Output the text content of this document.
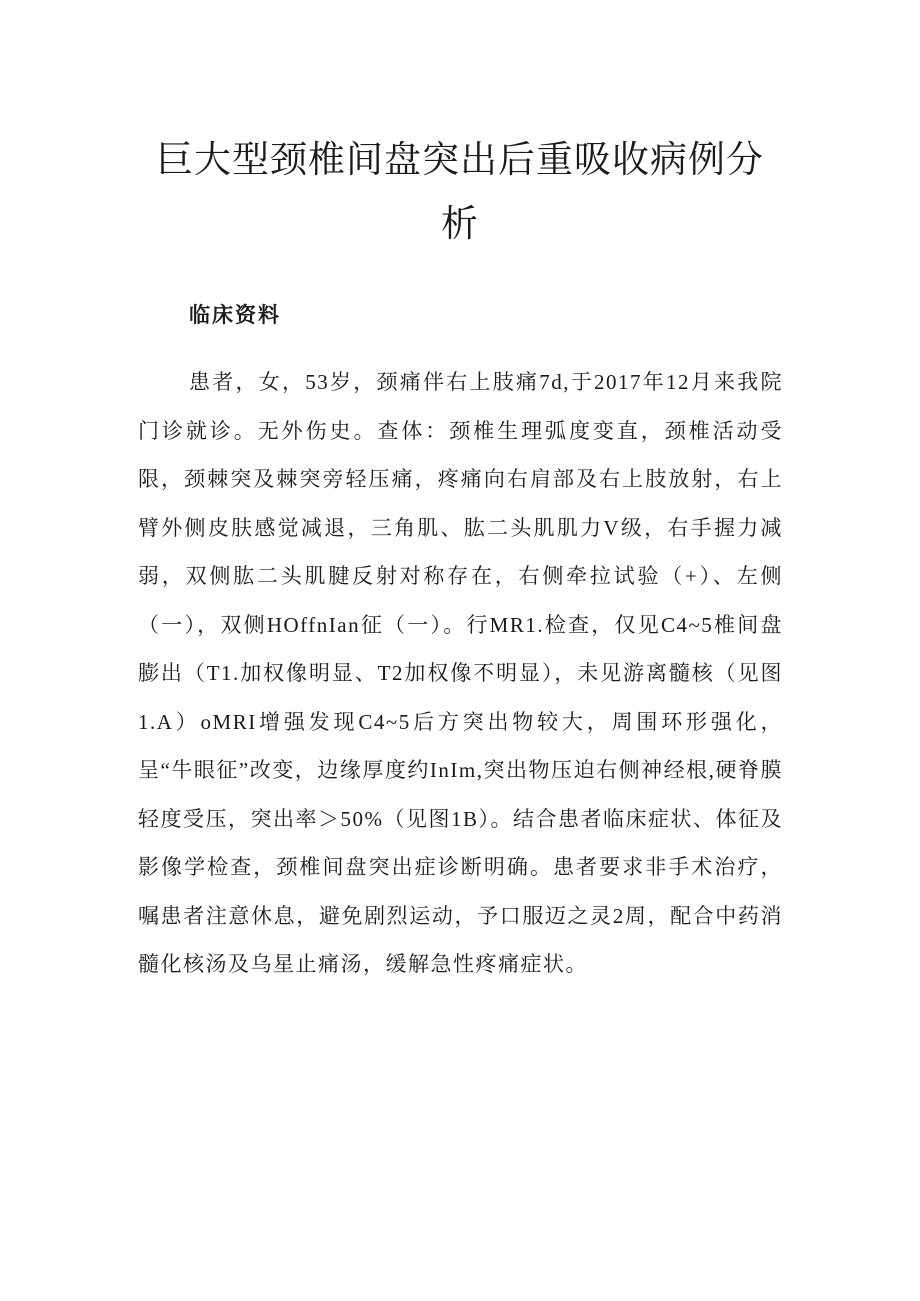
巨大型颈椎间盘突出后重吸收病例分析
临床资料

患者，女，53岁，颈痛伴右上肢痛7d,于2017年12月来我院门诊就诊。无外伤史。查体：颈椎生理弧度变直，颈椎活动受限，颈棘突及棘突旁轻压痛，疼痛向右肩部及右上肢放射，右上臂外侧皮肤感觉减退，三角肌、肱二头肌肌力V级，右手握力减弱，双侧肱二头肌腱反射对称存在，右侧牵拉试验（+）、左侧（一），双侧HOffnIan征（一）。行MR1.检查，仅见C4~5椎间盘膨出（T1.加权像明显、T2加权像不明显），未见游离髓核（见图1.A）oMRI增强发现C4~5后方突出物较大，周围环形强化，呈“牛眼征”改变，边缘厚度约InIm,突出物压迫右侧神经根,硬脊膜轻度受压，突出率＞50%（见图1B）。结合患者临床症状、体征及影像学检查，颈椎间盘突出症诊断明确。患者要求非手术治疗，嘱患者注意休息，避免剧烈运动，予口服迈之灵2周，配合中药消髓化核汤及乌星止痛汤，缓解急性疼痛症状。
